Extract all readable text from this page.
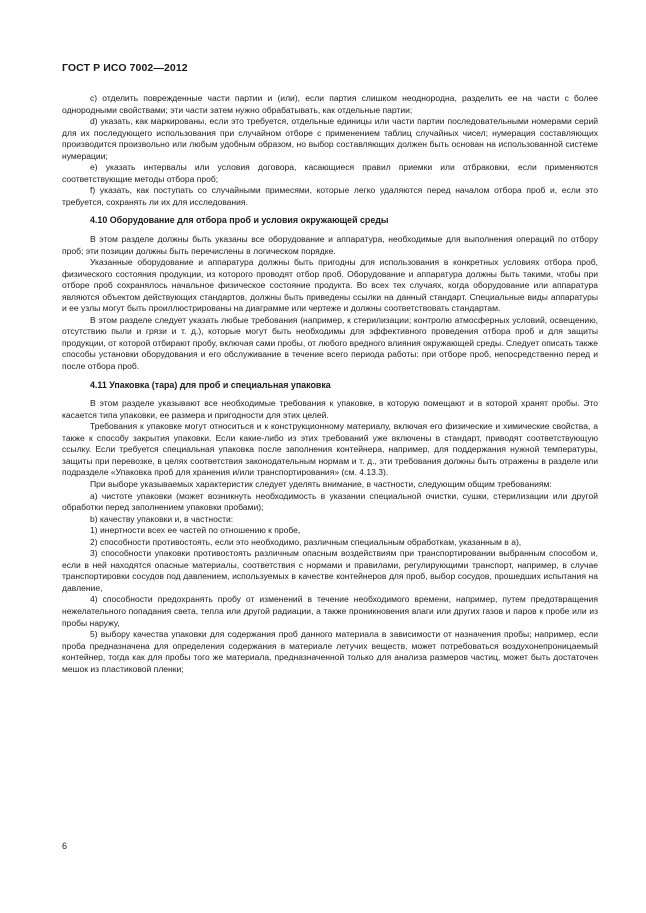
ГОСТ Р ИСО 7002—2012

c) отделить поврежденные части партии и (или), если партия слишком неоднородна, разделить ее на части с более однородными свойствами; эти части затем нужно обрабатывать, как отдельные партии;

d) указать, как маркированы, если это требуется, отдельные единицы или части партии последовательными номерами серий для их последующего использования при случайном отборе с применением таблиц случайных чисел; нумерация составляющих производится произвольно или любым удобным образом, но выбор составляющих должен быть основан на использованной системе нумерации;

e) указать интервалы или условия договора, касающиеся правил приемки или отбраковки, если применяются соответствующие методы отбора проб;

f) указать, как поступать со случайными примесями, которые легко удаляются перед началом отбора проб и, если это требуется, сохранять ли их для исследования.

4.10 Оборудование для отбора проб и условия окружающей среды

В этом разделе должны быть указаны все оборудование и аппаратура, необходимые для выполнения операций по отбору проб; эти позиции должны быть перечислены в логическом порядке.

Указанные оборудование и аппаратура должны быть пригодны для использования в конкретных условиях отбора проб, физического состояния продукции, из которого проводят отбор проб. Оборудование и аппаратура должны быть такими, чтобы при отборе проб сохранялось начальное физическое состояние продукта. Во всех тех случаях, когда оборудование или аппаратура являются объектом действующих стандартов, должны быть приведены ссылки на данный стандарт. Специальные виды аппаратуры и ее узлы могут быть проиллюстрированы на диаграмме или чертеже и должны соответствовать стандартам.

В этом разделе следует указать любые требования (например, к стерилизации; контролю атмосферных условий, освещению, отсутствию пыли и грязи и т. д.), которые могут быть необходимы для эффективного проведения отбора проб и для защиты продукции, от которой отбирают пробу, включая сами пробы, от любого вредного влияния окружающей среды. Следует описать также способы установки оборудования и его обслуживание в течение всего периода работы: при отборе проб, непосредственно перед и после отбора проб.

4.11 Упаковка (тара) для проб и специальная упаковка

В этом разделе указывают все необходимые требования к упаковке, в которую помещают и в которой хранят пробы. Это касается типа упаковки, ее размера и пригодности для этих целей.

Требования к упаковке могут относиться и к конструкционному материалу, включая его физические и химические свойства, а также к способу закрытия упаковки. Если какие-либо из этих требований уже включены в стандарт, приводят соответствующую ссылку. Если требуется специальная упаковка после заполнения контейнера, например, для поддержания нужной температуры, защиты при перевозке, в целях соответствия законодательным нормам и т. д., эти требования должны быть отражены в разделе или подразделе «Упаковка проб для хранения и/или транспортирования» (см. 4.13.3).

При выборе указываемых характеристик следует уделять внимание, в частности, следующим общим требованиям:

a) чистоте упаковки (может возникнуть необходимость в указании специальной очистки, сушки, стерилизации или другой обработки перед заполнением упаковки пробами);

b) качеству упаковки и, в частности:

1) инертности всех ее частей по отношению к пробе,

2) способности противостоять, если это необходимо, различным специальным обработкам, указанным в а),

3) способности упаковки противостоять различным опасным воздействиям при транспортировании выбранным способом и, если в ней находятся опасные материалы, соответствия с нормами и правилами, регулирующими транспорт, например, в случае транспортировки сосудов под давлением, используемых в качестве контейнеров для проб, выбор сосудов, прошедших испытания на давление,

4) способности предохранять пробу от изменений в течение необходимого времени, например, путем предотвращения нежелательного попадания света, тепла или другой радиации, а также проникновения влаги или других газов и паров к пробе или из пробы наружу,

5) выбору качества упаковки для содержания проб данного материала в зависимости от назначения пробы; например, если проба предназначена для определения содержания в материале летучих веществ, может потребоваться воздухонепроницаемый контейнер, тогда как для пробы того же материала, предназначенной только для анализа размеров частиц, может быть достаточен мешок из пластиковой пленки;

6
